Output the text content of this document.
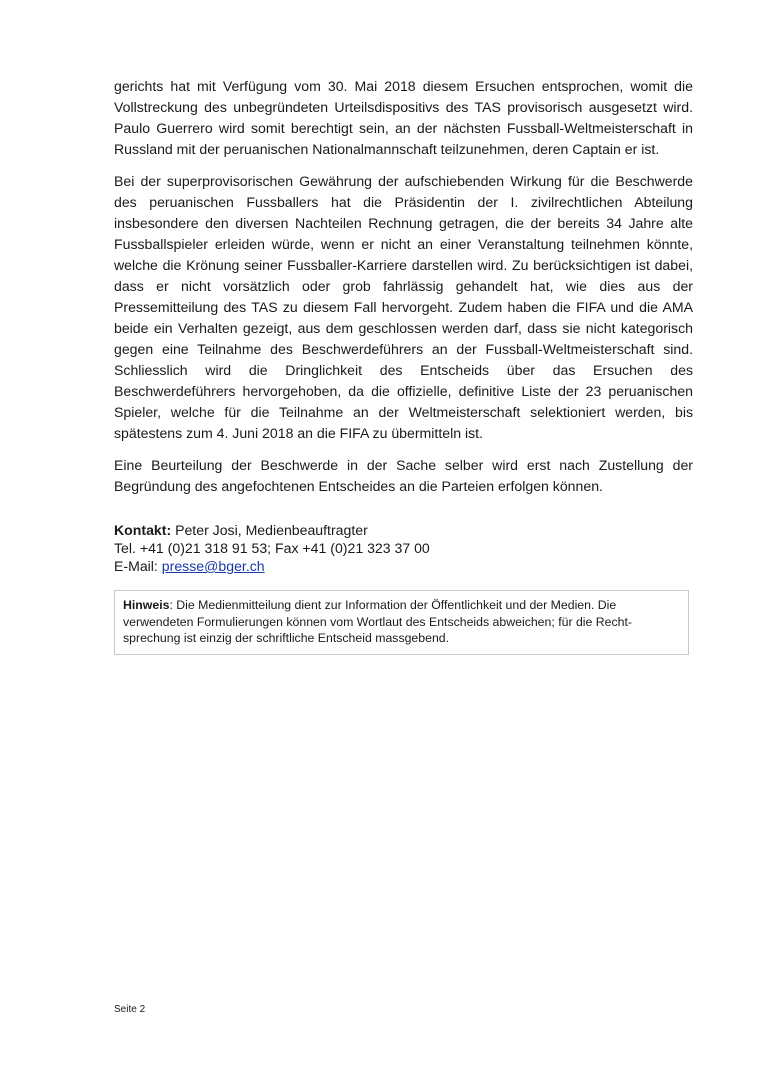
gerichts hat mit Verfügung vom 30. Mai 2018 diesem Ersuchen entsprochen, womit die Vollstreckung des unbegründeten Urteilsdispositivs des TAS provisorisch ausgesetzt wird. Paulo Guerrero wird somit berechtigt sein, an der nächsten Fussball-Weltmeisterschaft in Russland mit der peruanischen Nationalmannschaft teilzunehmen, deren Captain er ist.

Bei der superprovisorischen Gewährung der aufschiebenden Wirkung für die Beschwerde des peruanischen Fussballers hat die Präsidentin der I. zivilrechtlichen Abteilung insbesondere den diversen Nachteilen Rechnung getragen, die der bereits 34 Jahre alte Fussballspieler erleiden würde, wenn er nicht an einer Veranstaltung teilnehmen könnte, welche die Krönung seiner Fussballer-Karriere darstellen wird. Zu berücksichtigen ist dabei, dass er nicht vorsätzlich oder grob fahrlässig gehandelt hat, wie dies aus der Pressemitteilung des TAS zu diesem Fall hervorgeht. Zudem haben die FIFA und die AMA beide ein Verhalten gezeigt, aus dem geschlossen werden darf, dass sie nicht kategorisch gegen eine Teilnahme des Beschwerdeführers an der Fussball-Weltmeisterschaft sind. Schliesslich wird die Dringlichkeit des Entscheids über das Ersuchen des Beschwerdeführers hervorgehoben, da die offizielle, definitive Liste der 23 peruanischen Spieler, welche für die Teilnahme an der Weltmeisterschaft selektioniert werden, bis spätestens zum 4. Juni 2018 an die FIFA zu übermitteln ist.

Eine Beurteilung der Beschwerde in der Sache selber wird erst nach Zustellung der Begründung des angefochtenen Entscheides an die Parteien erfolgen können.

Kontakt: Peter Josi, Medienbeauftragter
Tel. +41 (0)21 318 91 53; Fax +41 (0)21 323 37 00
E-Mail: presse@bger.ch
Hinweis: Die Medienmitteilung dient zur Information der Öffentlichkeit und der Medien. Die verwendeten Formulierungen können vom Wortlaut des Entscheids abweichen; für die Rechtsprechung ist einzig der schriftliche Entscheid massgebend.
Seite 2
